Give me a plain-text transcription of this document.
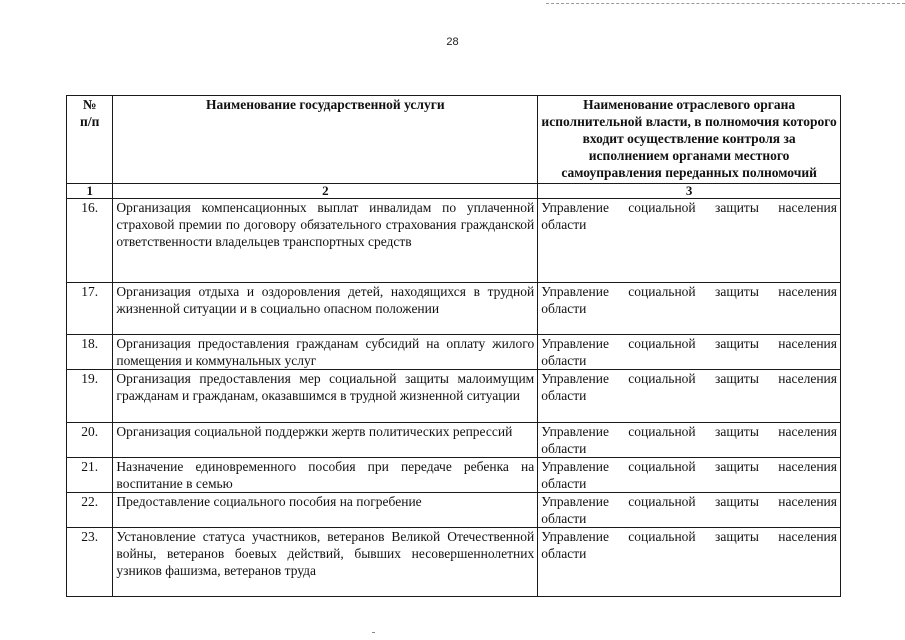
28
№
п/п	Наименование государственной услуги	Наименование отраслевого органа исполнительной власти, в полномочия которого входит осуществление контроля за исполнением органами местного самоуправления переданных полномочий
1	2	3
16.	Организация компенсационных выплат инвалидам по уплаченной страховой премии по договору обязательного страхования гражданской ответственности владельцев транспортных средств	Управление социальной защиты населения области
17.	Организация отдыха и оздоровления детей, находящихся в трудной жизненной ситуации и в социально опасном положении	Управление социальной защиты населения области
18.	Организация предоставления гражданам субсидий на оплату жилого помещения и коммунальных услуг	Управление социальной защиты населения области
19.	Организация предоставления мер социальной защиты малоимущим гражданам и гражданам, оказавшимся в трудной жизненной ситуации	Управление социальной защиты населения области
20.	Организация социальной поддержки жертв политических репрессий	Управление социальной защиты населения области
21.	Назначение единовременного пособия при передаче ребенка на воспитание в семью	Управление социальной защиты населения области
22.	Предоставление социального пособия на погребение	Управление социальной защиты населения области
23.	Установление статуса участников, ветеранов Великой Отечественной войны, ветеранов боевых действий, бывших несовершеннолетних узников фашизма, ветеранов труда	Управление социальной защиты населения области
